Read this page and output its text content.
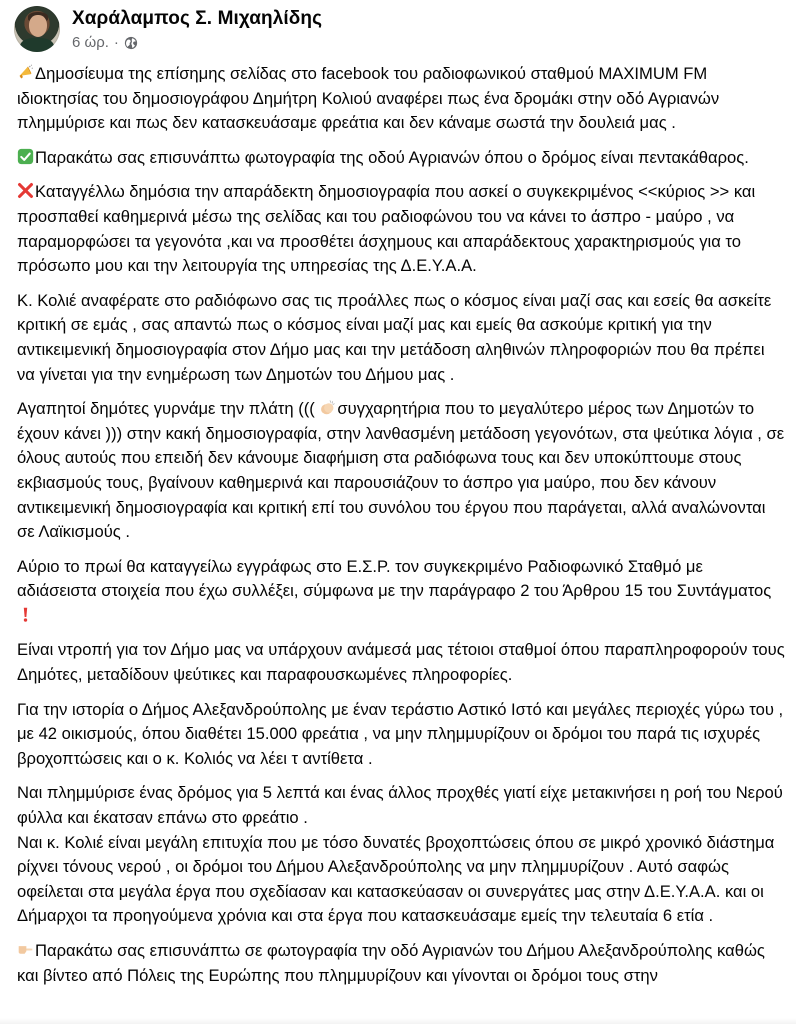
Χαράλαμπος Σ. Μιχαηλίδης
6 ώρ. ·

Δημοσίευμα της επίσημης σελίδας στο facebook του ραδιοφωνικού σταθμού MAXIMUM FM ιδιοκτησίας του δημοσιογράφου Δημήτρη Κολιού αναφέρει πως ένα δρομάκι στην οδό Αγριανών πλημμύρισε και πως δεν κατασκευάσαμε φρεάτια και δεν κάναμε σωστά την δουλειά μας .

Παρακάτω σας επισυνάπτω φωτογραφία της οδού Αγριανών όπου ο δρόμος είναι πεντακάθαρος.

Καταγγέλλω δημόσια την απαράδεκτη δημοσιογραφία που ασκεί ο συγκεκριμένος <<κύριος >> και προσπαθεί καθημερινά μέσω της σελίδας και του ραδιοφώνου του να κάνει το άσπρο - μαύρο , να παραμορφώσει τα γεγονότα ,και να προσθέτει άσχημους και απαράδεκτους χαρακτηρισμούς για το πρόσωπο μου και την λειτουργία της υπηρεσίας της Δ.Ε.Υ.Α.Α.

Κ. Κολιέ αναφέρατε στο ραδιόφωνο σας τις προάλλες πως ο κόσμος είναι μαζί σας και εσείς θα ασκείτε κριτική σε εμάς , σας απαντώ πως ο κόσμος είναι μαζί μας και εμείς θα ασκούμε κριτική για την αντικειμενική δημοσιογραφία στον Δήμο μας και την μετάδοση αληθινών πληροφοριών που θα πρέπει να γίνεται για την ενημέρωση των Δημοτών του Δήμου μας .

Αγαπητοί δημότες γυρνάμε την πλάτη ((( συγχαρητήρια που το μεγαλύτερο μέρος των Δημοτών το έχουν κάνει ))) στην κακή δημοσιογραφία, στην λανθασμένη μετάδοση γεγονότων, στα ψεύτικα λόγια , σε όλους αυτούς που επειδή δεν κάνουμε διαφήμιση στα ραδιόφωνα τους και δεν υποκύπτουμε στους εκβιασμούς τους, βγαίνουν καθημερινά και παρουσιάζουν το άσπρο για μαύρο, που δεν κάνουν αντικειμενική δημοσιογραφία και κριτική επί του συνόλου του έργου που παράγεται, αλλά αναλώνονται σε Λαϊκισμούς .

Αύριο το πρωί θα καταγγείλω εγγράφως στο Ε.Σ.Ρ. τον συγκεκριμένο Ραδιοφωνικό Σταθμό με αδιάσειστα στοιχεία που έχω συλλέξει, σύμφωνα με την παράγραφο 2 του Άρθρου 15 του Συντάγματος

Είναι ντροπή για τον Δήμο μας να υπάρχουν ανάμεσά μας τέτοιοι σταθμοί όπου παραπληροφορούν τους Δημότες, μεταδίδουν ψεύτικες και παραφουσκωμένες πληροφορίες.

Για την ιστορία ο Δήμος Αλεξανδρούπολης με έναν τεράστιο Αστικό Ιστό και μεγάλες περιοχές γύρω του , με 42 οικισμούς, όπου διαθέτει 15.000 φρεάτια , να μην πλημμυρίζουν οι δρόμοι του παρά τις ισχυρές βροχοπτώσεις και ο κ. Κολιός να λέει τ αντίθετα .

Ναι πλημμύρισε ένας δρόμος για 5 λεπτά και ένας άλλος προχθές γιατί είχε μετακινήσει η ροή του Νερού φύλλα και έκατσαν επάνω στο φρεάτιο .
Ναι κ. Κολιέ είναι μεγάλη επιτυχία που με τόσο δυνατές βροχοπτώσεις όπου σε μικρό χρονικό διάστημα ρίχνει τόνους νερού , οι δρόμοι του Δήμου Αλεξανδρούπολης να μην πλημμυρίζουν . Αυτό σαφώς οφείλεται στα μεγάλα έργα που σχεδίασαν και κατασκεύασαν οι συνεργάτες μας στην Δ.Ε.Υ.Α.Α. και οι Δήμαρχοι τα προηγούμενα χρόνια και στα έργα που κατασκευάσαμε εμείς την τελευταία 6 ετία .

Παρακάτω σας επισυνάπτω σε φωτογραφία την οδό Αγριανών του Δήμου Αλεξανδρούπολης καθώς και βίντεο από Πόλεις της Ευρώπης που πλημμυρίζουν και γίνονται οι δρόμοι τους στην
